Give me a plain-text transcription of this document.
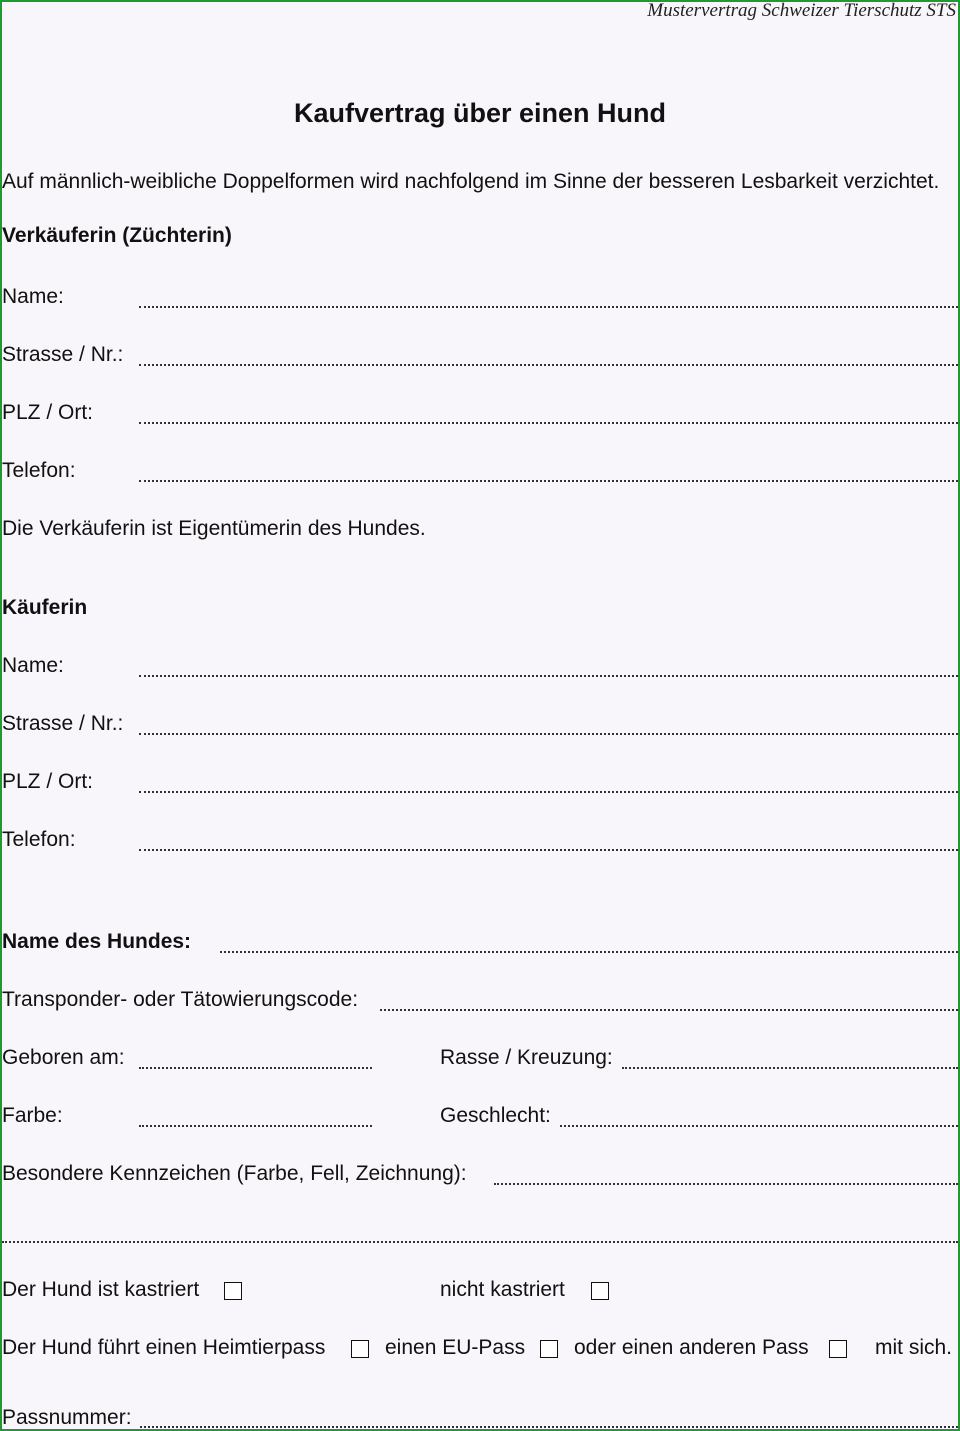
Mustervertrag Schweizer Tierschutz STS
Kaufvertrag über einen Hund
Auf männlich-weibliche Doppelformen wird nachfolgend im Sinne der besseren Lesbarkeit verzichtet.
Verkäuferin (Züchterin)
Name:
Strasse / Nr.:
PLZ / Ort:
Telefon:
Die Verkäuferin ist Eigentümerin des Hundes.
Käuferin
Name:
Strasse / Nr.:
PLZ / Ort:
Telefon:
Name des Hundes:
Transponder- oder Tätowierungscode:
Geboren am:	Rasse / Kreuzung:
Farbe:	Geschlecht:
Besondere Kennzeichen (Farbe, Fell, Zeichnung):
Der Hund ist kastriert	nicht kastriert
Der Hund führt einen Heimtierpass	einen EU-Pass oder einen anderen Pass	mit sich.
Passnummer:
